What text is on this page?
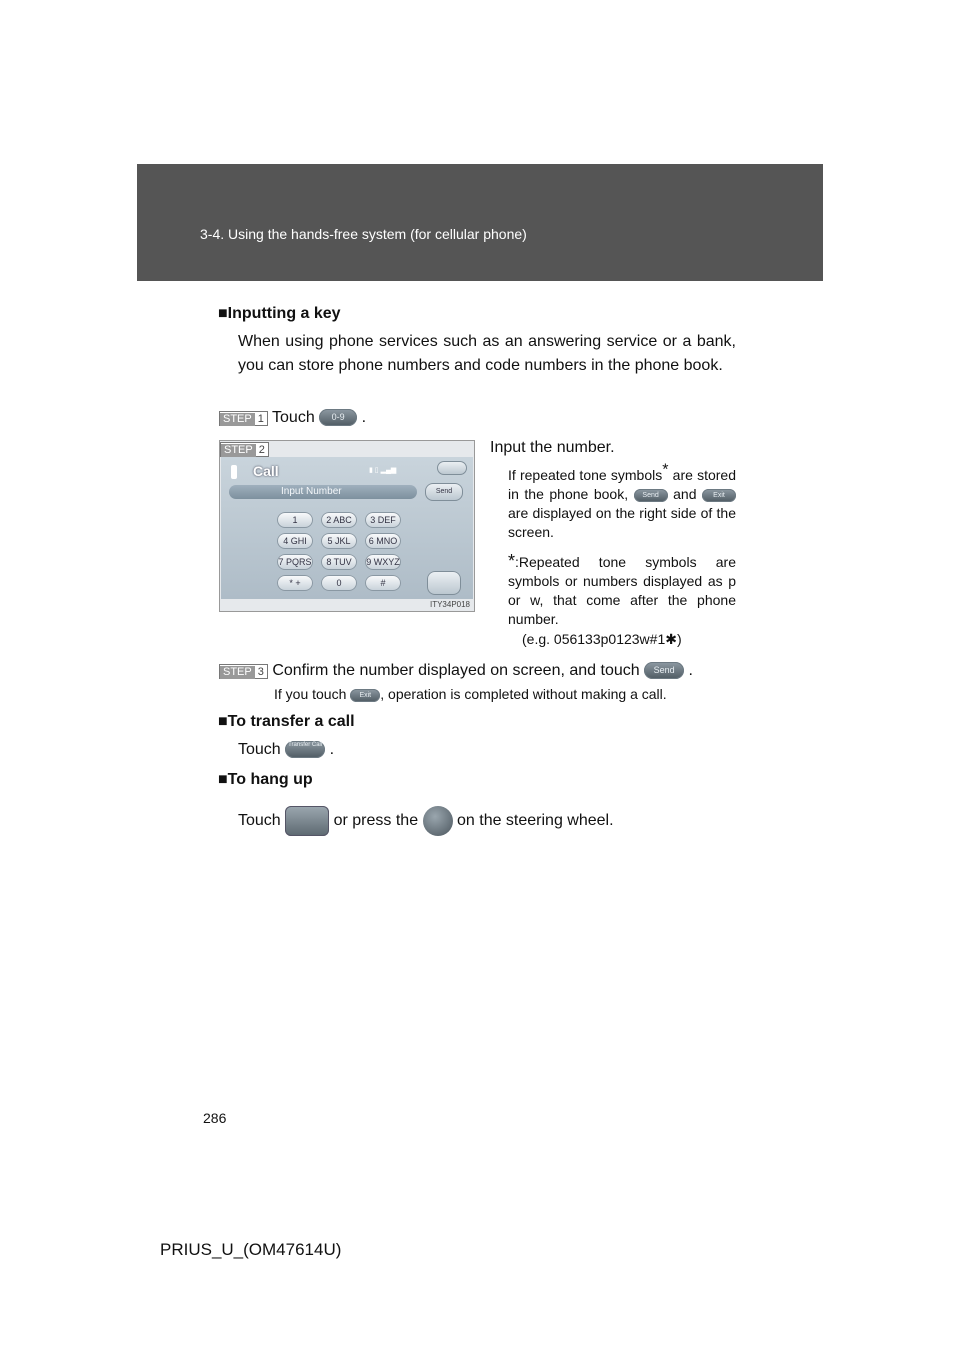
3-4. Using the hands-free system (for cellular phone)
■Inputting a key
When using phone services such as an answering service or a bank, you can store phone numbers and code numbers in the phone book.
STEP 1 Touch 0-9 .
STEP 2
Call	▮ ▯ ▂▄▆
Input Number	Send
1	2 ABC	3 DEF
4 GHI	5 JKL	6 MNO
7 PQRS	8 TUV	9 WXYZ
* +	0	#
ITY34P018
Input the number.
If repeated tone symbols* are stored in the phone book, Send and Exit are displayed on the right side of the screen.
*:Repeated tone symbols are symbols or numbers displayed as p or w, that come after the phone number.
(e.g. 056133p0123w#1✱)
STEP 3 Confirm the number displayed on screen, and touch Send .
If you touch Exit , operation is completed without making a call.
■To transfer a call
Touch Transfer Call .
■To hang up
Touch	or press the on the steering wheel.
286
PRIUS_U_(OM47614U)
